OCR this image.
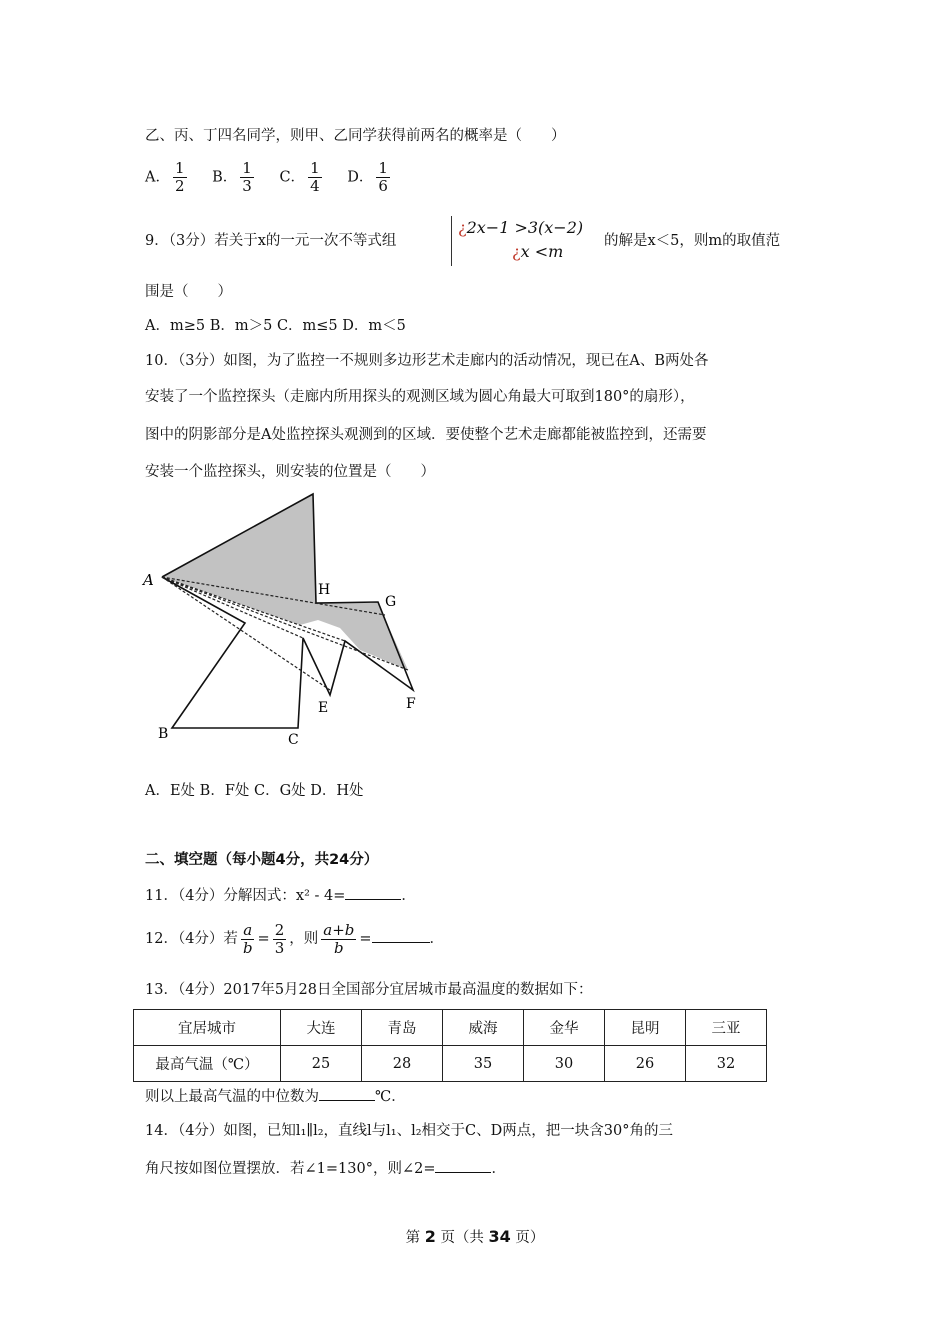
乙、丙、丁四名同学，则甲、乙同学获得前两名的概率是（　　）
A． $\frac{1}{2}$ B． $\frac{1}{3}$ C． $\frac{1}{4}$ D． $\frac{1}{6}$
9．（3分）若关于x的一元一次不等式组
¿2x−1 >3(x−2)
¿x <m
的解是x＜5，则m的取值范
围是（　　）
A．m≥5 B．m＞5 C．m≤5 D．m＜5
10．（3分）如图，为了监控一不规则多边形艺术走廊内的活动情况，现已在A、B两处各
安装了一个监控探头（走廊内所用探头的观测区域为圆心角最大可取到180°的扇形），
图中的阴影部分是A处监控探头观测到的区域．要使整个艺术走廊都能被监控到，还需要
安装一个监控探头，则安装的位置是（　　）
A
H
G
E	F
B	C
A．E处 B．F处 C．G处 D．H处
二、填空题（每小题4分，共24分）
11．（4分）分解因式：x² - 4=	．
12．（4分）若 $\frac{a}{b} = \frac{2}{3}$ ，则 $\frac{a+b}{b}$ =	．
13．（4分）2017年5月28日全国部分宜居城市最高温度的数据如下：
宜居城市	大连	青岛	威海	金华	昆明	三亚
最高气温（℃）	25	28	35	30	26	32
则以上最高气温的中位数为	℃．
14．（4分）如图，已知l₁∥l₂，直线l与l₁、l₂相交于C、D两点，把一块含30°角的三
角尺按如图位置摆放．若∠1=130°，则∠2=	．
第 2 页（共 34 页）
